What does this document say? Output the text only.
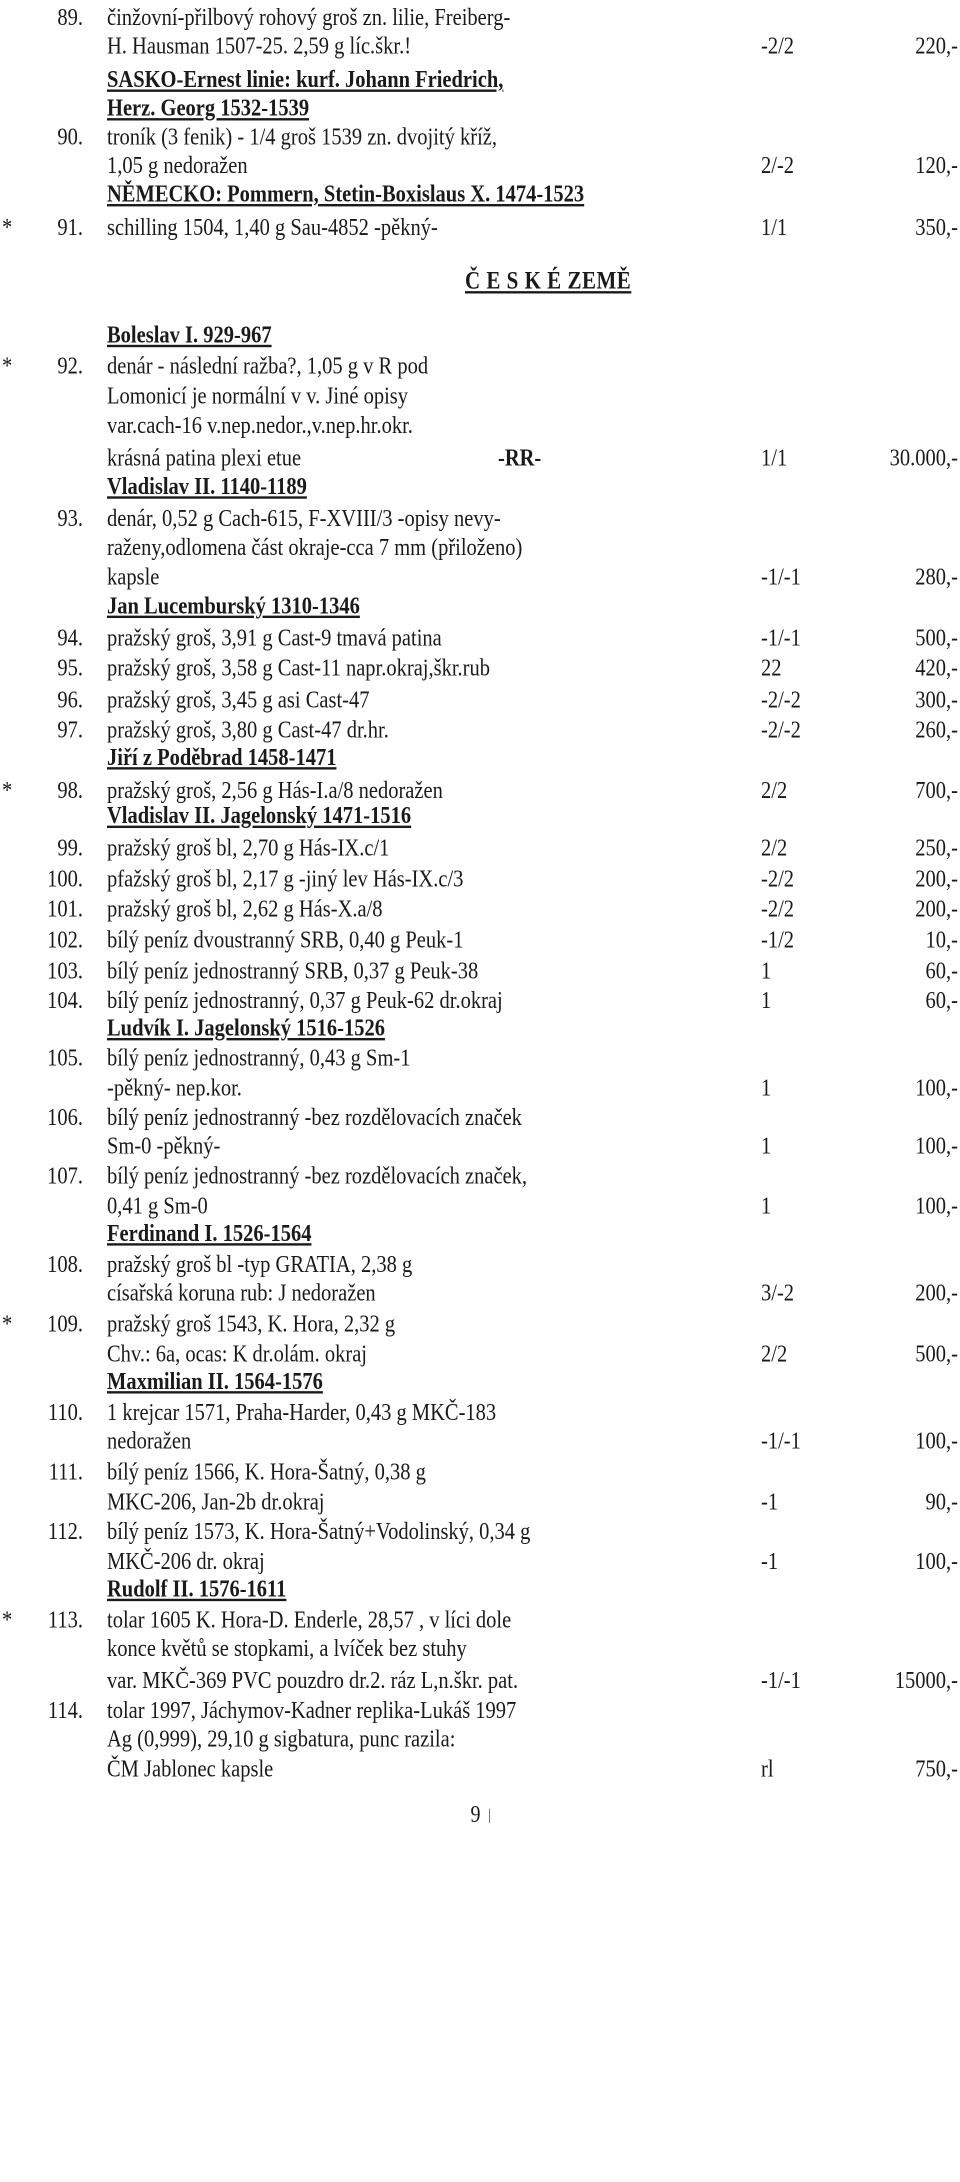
89. činžovní-přilbový rohový groš zn. lilie, Freiberg-
H. Hausman 1507-25. 2,59 g líc.škr.!	-2/2	220,-
SASKO-Ernest linie: kurf. Johann Friedrich,
Herz. Georg 1532-1539
90. troník (3 fenik) - 1/4 groš 1539 zn. dvojitý kříž,
1,05 g nedoražen	2/-2	120,-
NĚMECKO: Pommern, Stetin-Boxislaus X. 1474-1523
* 91. schilling 1504, 1,40 g Sau-4852 -pěkný-	1/1	350,-
Č E S K É ZEMĚ
Boleslav I. 929-967
* 92. denár - následní ražba?, 1,05 g v R pod
Lomonicí je normální v v. Jiné opisy
var.cach-16 v.nep.nedor.,v.nep.hr.okr.
krásná patina plexi etue	-RR-	1/1	30.000,-
Vladislav II. 1140-1189
93. denár, 0,52 g Cach-615, F-XVIII/3 -opisy nevy-
raženy,odlomena část okraje-cca 7 mm (přiloženo)
kapsle	-1/-1	280,-
Jan Lucemburský 1310-1346
94. pražský groš, 3,91 g Cast-9 tmavá patina	-1/-1	500,-
95. pražský groš, 3,58 g Cast-11 napr.okraj,škr.rub	22	420,-
96. pražský groš, 3,45 g asi Cast-47	-2/-2	300,-
97. pražský groš, 3,80 g Cast-47 dr.hr.	-2/-2	260,-
Jiří z Poděbrad 1458-1471
* 98. pražský groš, 2,56 g Hás-I.a/8 nedoražen	2/2	700,-
Vladislav II. Jagelonský 1471-1516
99. pražský groš bl, 2,70 g Hás-IX.c/1	2/2	250,-
100. pfažský groš bl, 2,17 g -jiný lev Hás-IX.c/3	-2/2	200,-
101. pražský groš bl, 2,62 g Hás-X.a/8	-2/2	200,-
102. bílý peníz dvoustranný SRB, 0,40 g Peuk-1	-1/2	10,-
103. bílý peníz jednostranný SRB, 0,37 g Peuk-38	1	60,-
104. bílý peníz jednostranný, 0,37 g Peuk-62 dr.okraj	1	60,-
Ludvík I. Jagelonský 1516-1526
105. bílý peníz jednostranný, 0,43 g Sm-1
-pěkný- nep.kor.	1	100,-
106. bílý peníz jednostranný -bez rozdělovacích značek
Sm-0 -pěkný-	1	100,-
107. bílý peníz jednostranný -bez rozdělovacích značek,
0,41 g Sm-0	1	100,-
Ferdinand I. 1526-1564
108. pražský groš bl -typ GRATIA, 2,38 g
císařská koruna rub: J nedoražen	3/-2	200,-
* 109. pražský groš 1543, K. Hora, 2,32 g
Chv.: 6a, ocas: K dr.olám. okraj	2/2	500,-
Maxmilian II. 1564-1576
110. 1 krejcar 1571, Praha-Harder, 0,43 g MKČ-183
nedoražen	-1/-1	100,-
111. bílý peníz 1566, K. Hora-Šatný, 0,38 g
MKC-206, Jan-2b dr.okraj	-1	90,-
112. bílý peníz 1573, K. Hora-Šatný+Vodolinský, 0,34 g
MKČ-206 dr. okraj	-1	100,-
Rudolf II. 1576-1611
* 113. tolar 1605 K. Hora-D. Enderle, 28,57 , v líci dole
konce květů se stopkami, a lvíček bez stuhy
var. MKČ-369 PVC pouzdro dr.2. ráz L,n.škr. pat.	-1/-1	15000,-
114. tolar 1997, Jáchymov-Kadner replika-Lukáš 1997
Ag (0,999), 29,10 g sigbatura, punc razila:
ČM Jablonec kapsle	rl	750,-
9
